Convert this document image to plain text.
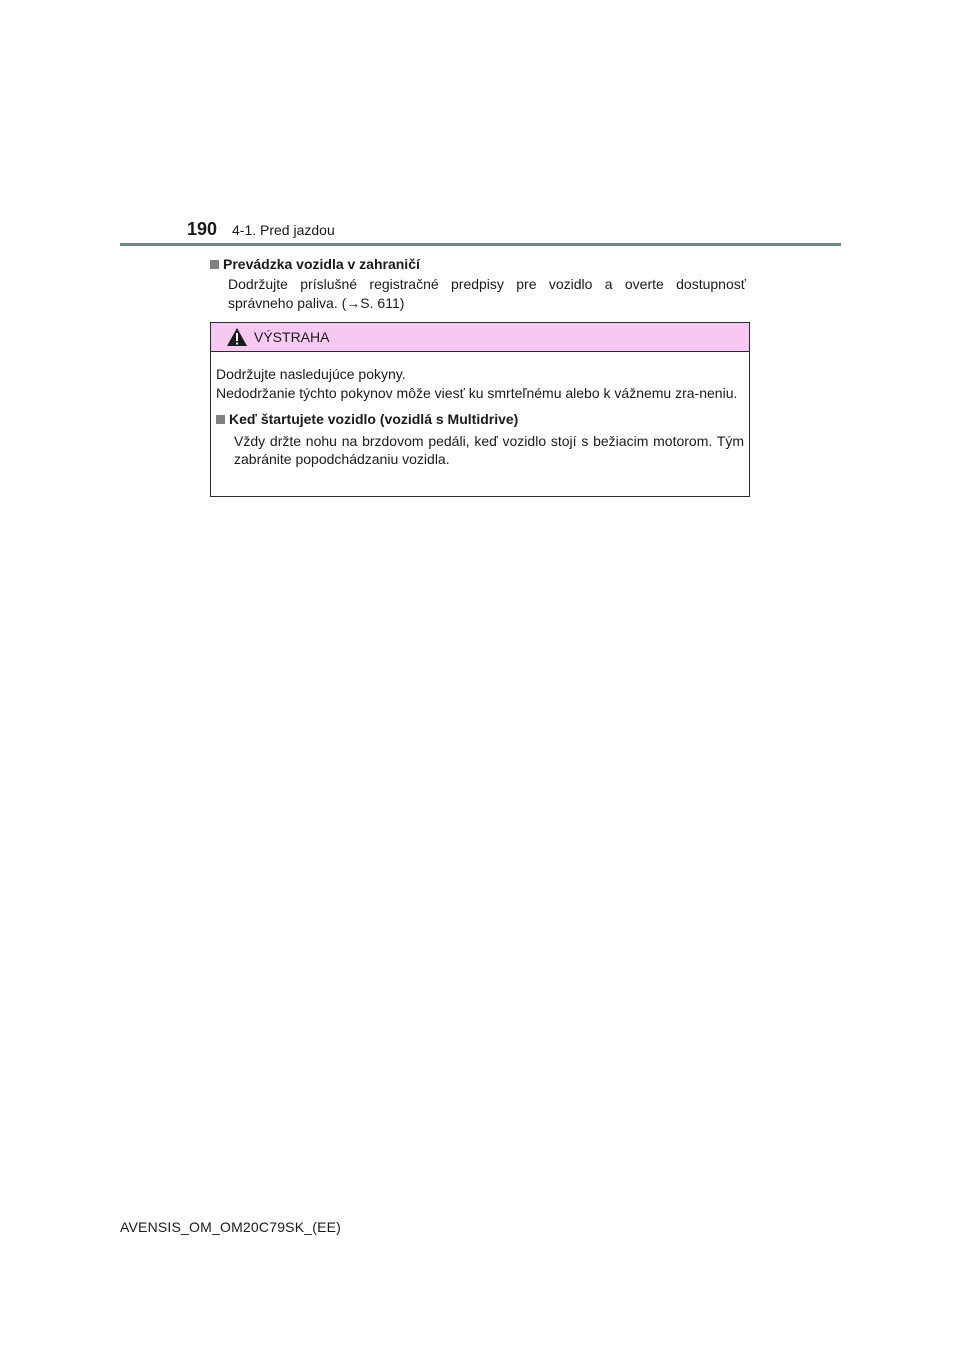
190 4-1. Pred jazdou
Prevádzka vozidla v zahraničí
Dodržujte príslušné registračné predpisy pre vozidlo a overte dostupnosť správneho paliva. (→S. 611)
VÝSTRAHA
Dodržujte nasledujúce pokyny.
Nedodržanie týchto pokynov môže viesť ku smrteľnému alebo k vážnemu zra-neniu.
Keď štartujete vozidlo (vozidlá s Multidrive)
Vždy držte nohu na brzdovom pedáli, keď vozidlo stojí s bežiacim motorom. Tým zabránite popodchádzaniu vozidla.
AVENSIS_OM_OM20C79SK_(EE)
